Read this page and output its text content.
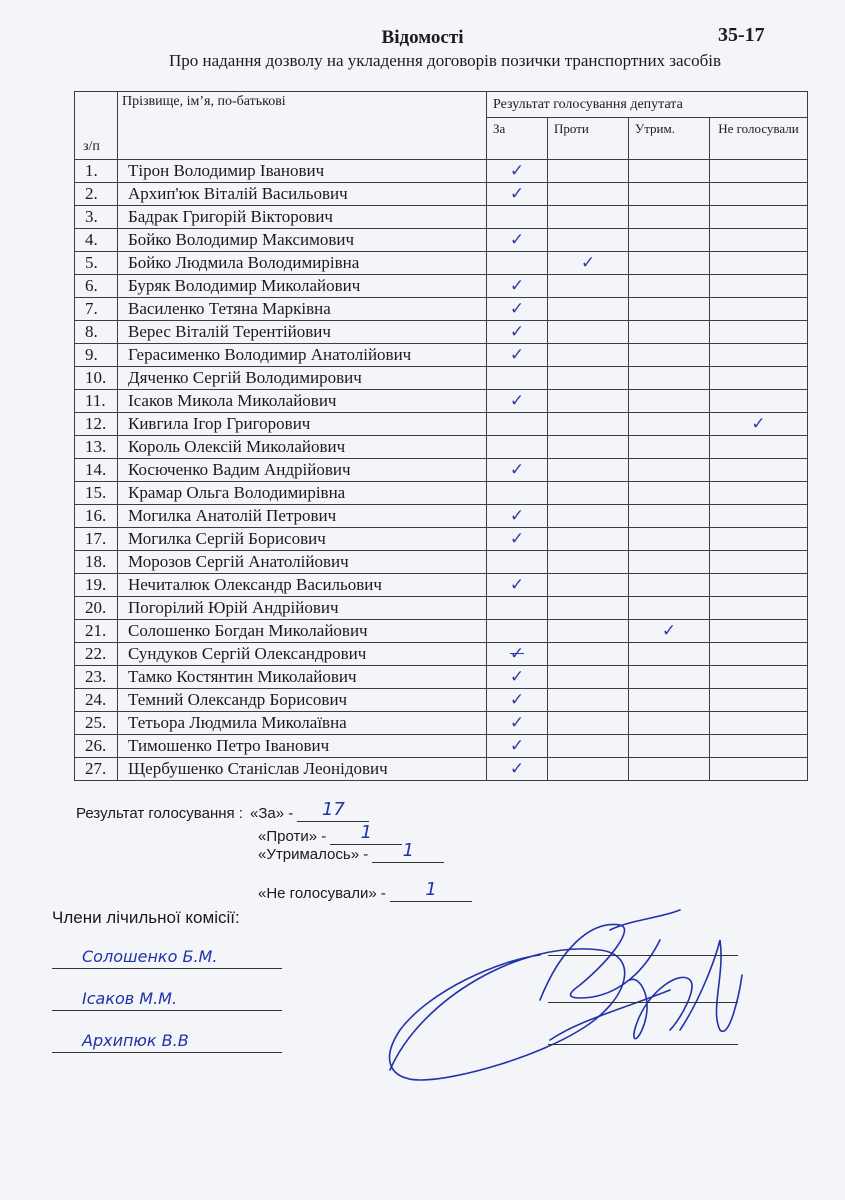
Відомості	35-17
Про надання дозволу на укладення договорів позички транспортних засобів
з/п	Прізвище, ім’я, по-батькові	Результат голосування депутата			
		За	Проти	Утрим.	Не голосували
1.	Тірон Володимир Іванович	✓			
2.	Архип'юк Віталій Васильович	✓			
3.	Бадрак Григорій Вікторович				
4.	Бойко Володимир Максимович	✓			
5.	Бойко Людмила Володимирівна		✓		
6.	Буряк Володимир Миколайович	✓			
7.	Василенко Тетяна Марківна	✓			
8.	Верес Віталій Терентійович	✓			
9.	Герасименко Володимир Анатолійович	✓			
10.	Дяченко Сергій Володимирович				
11.	Ісаков Микола Миколайович	✓			
12.	Кивгила Ігор Григорович				✓
13.	Король Олексій Миколайович				
14.	Косюченко Вадим Андрійович	✓			
15.	Крамар Ольга Володимирівна				
16.	Могилка Анатолій Петрович	✓			
17.	Могилка Сергій Борисович	✓			
18.	Морозов Сергій Анатолійович				
19.	Нечиталюк Олександр Васильович	✓			
20.	Погорілий Юрій Андрійович				
21.	Солошенко Богдан Миколайович			✓	
22.	Сундуков Сергій Олександрович	✓			
23.	Тамко Костянтин Миколайович	✓			
24.	Темний Олександр Борисович	✓			
25.	Тетьора Людмила Миколаївна	✓			
26.	Тимошенко Петро Іванович	✓			
27.	Щербушенко Станіслав Леонідович	✓			
Результат голосування : «За» -	17
«Проти» -	1
«Утрималось» -	1
«Не голосували» -	1
Члени лічильної комісії:
Солошенко Б.М.
Ісаков М.М.
Архипюк В.В
